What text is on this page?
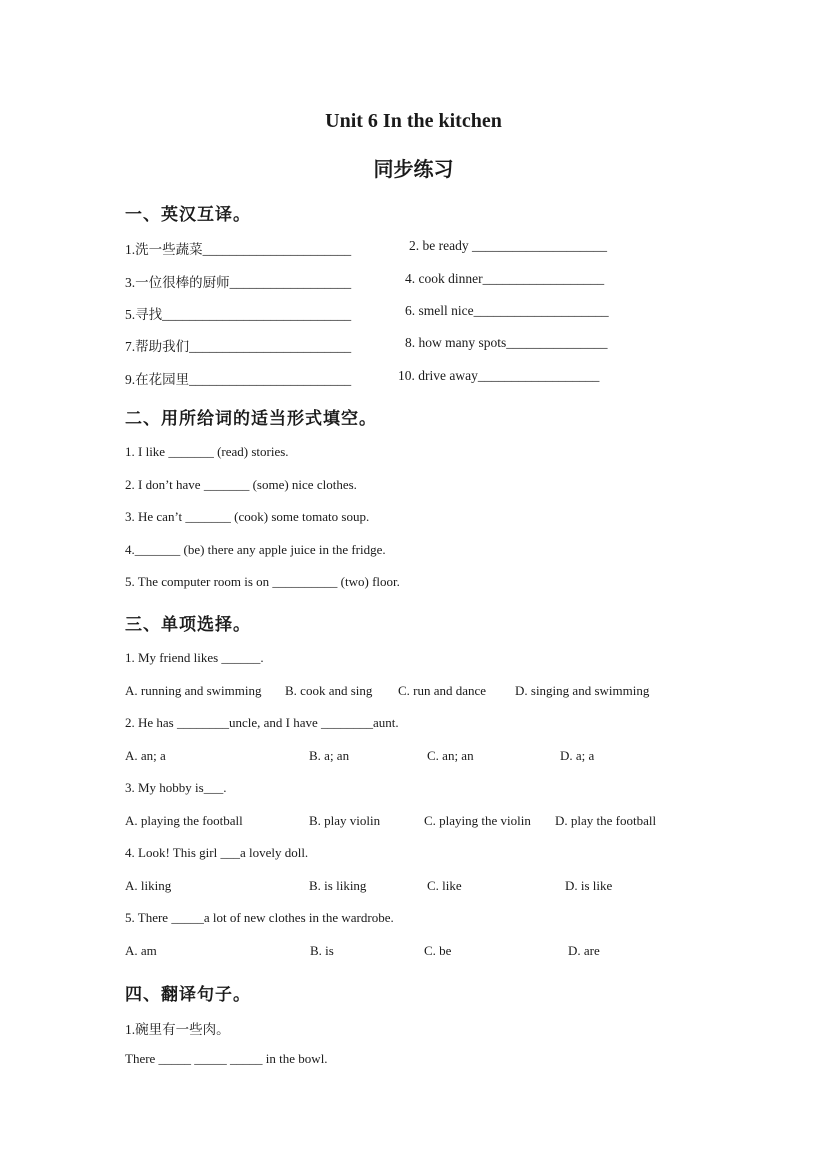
Unit 6 In the kitchen
同步练习
一、英汉互译。
1.洗一些蔬菜______________________	2. be ready ____________________
3.一位很棒的厨师__________________	4. cook dinner__________________
5.寻找____________________________	6. smell nice____________________
7.帮助我们________________________	8. how many spots_______________
9.在花园里________________________	10. drive away__________________
二、用所给词的适当形式填空。
1. I like _______ (read) stories.
2. I don’t have _______ (some) nice clothes.
3. He can’t _______ (cook) some tomato soup.
4._______ (be) there any apple juice in the fridge.
5. The computer room is on __________ (two) floor.
三、单项选择。
1. My friend likes ______.
A. running and swimming B. cook and sing C. run and dance D. singing and swimming
2. He has ________uncle, and I have ________aunt.
A. an; a	B. a; an	C. an; an	D. a; a
3. My hobby is___.
A. playing the football	B. play violin	C. playing the violin D. play the football
4. Look! This girl ___a lovely doll.
A. liking	B. is liking	C. like	D. is like
5. There _____a lot of new clothes in the wardrobe.
A. am	B. is	C. be	D. are
四、翻译句子。
1.碗里有一些肉。
There _____ _____ _____ in the bowl.
